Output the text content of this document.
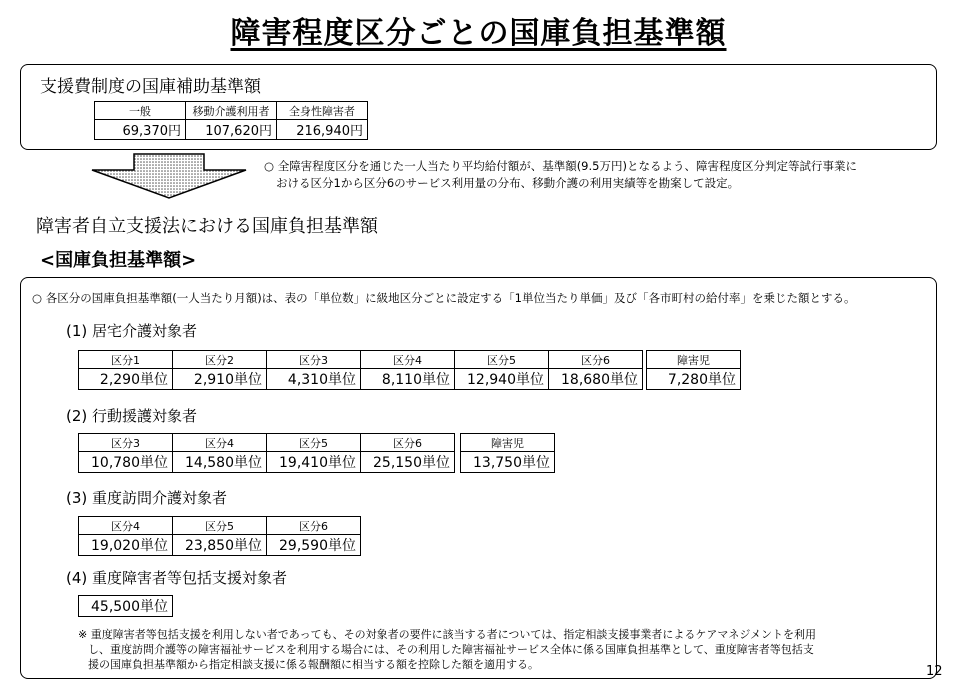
障害程度区分ごとの国庫負担基準額
支援費制度の国庫補助基準額
一般	移動介護利用者	全身性障害者
69,370円	107,620円	216,940円
○ 全障害程度区分を通じた一人当たり平均給付額が、基準額(9.5万円)となるよう、障害程度区分判定等試行事業に
おける区分1から区分6のサービス利用量の分布、移動介護の利用実績等を勘案して設定。
障害者自立支援法における国庫負担基準額
<国庫負担基準額>
○ 各区分の国庫負担基準額(一人当たり月額)は、表の「単位数」に級地区分ごとに設定する「1単位当たり単価」及び「各市町村の給付率」を乗じた額とする。
(1) 居宅介護対象者
区分1	区分2	区分3	区分4	区分5	区分6
2,290単位	2,910単位	4,310単位	8,110単位	12,940単位	18,680単位
障害児
7,280単位
(2) 行動援護対象者
区分3	区分4	区分5	区分6
10,780単位	14,580単位	19,410単位	25,150単位
障害児
13,750単位
(3) 重度訪問介護対象者
区分4	区分5	区分6
19,020単位	23,850単位	29,590単位
(4) 重度障害者等包括支援対象者
45,500単位
※ 重度障害者等包括支援を利用しない者であっても、その対象者の要件に該当する者については、指定相談支援事業者によるケアマネジメントを利用
し、重度訪問介護等の障害福祉サービスを利用する場合には、その利用した障害福祉サービス全体に係る国庫負担基準として、重度障害者等包括支
援の国庫負担基準額から指定相談支援に係る報酬額に相当する額を控除した額を適用する。	12
